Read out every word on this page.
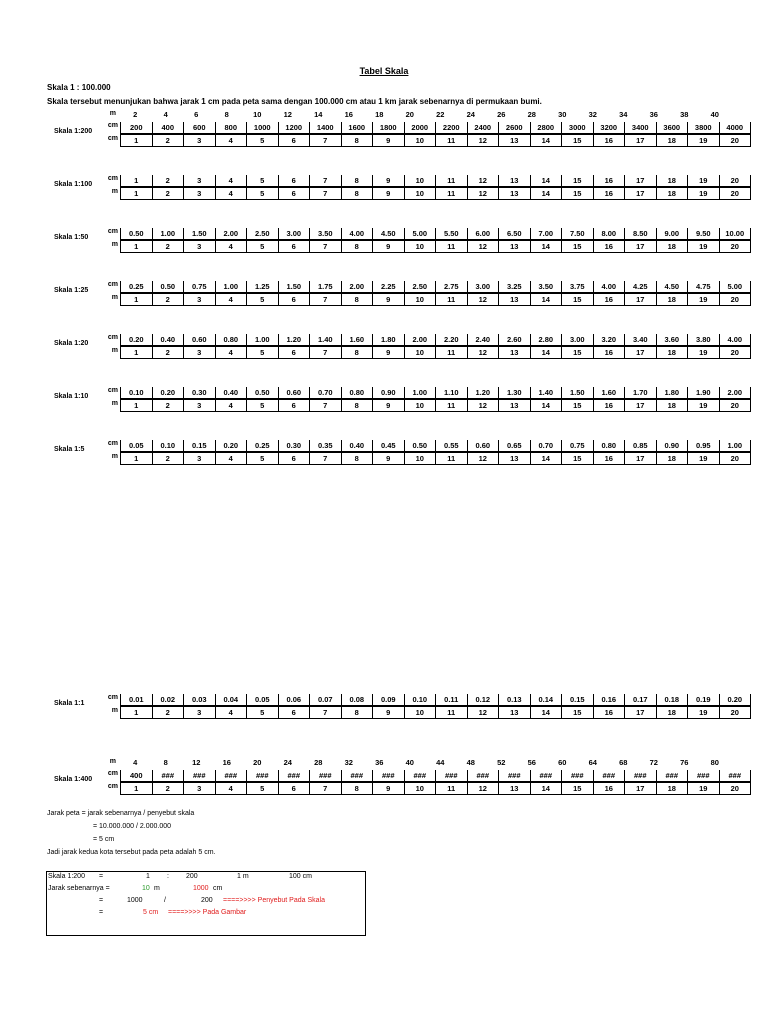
Tabel Skala
Skala 1 : 100.000
Skala tersebut menunjukan bahwa jarak 1 cm pada peta sama dengan 100.000 cm atau 1 km jarak sebenarnya di permukaan bumi.
m 2	4	6	8	10	12	14	16	18	20	22	24	26	28	30	32	34	36	38	40
Skala 1:200
cm
cm
200	400	600	800	1000	1200	1400	1600	1800	2000	2200	2400	2600	2800	3000	3200	3400	3600	3800	4000
1	2	3	4	5	6	7	8	9	10	11	12	13	14	15	16	17	18	19	20
Skala 1:100
cm
m
1	2	3	4	5	6	7	8	9	10	11	12	13	14	15	16	17	18	19	20
1	2	3	4	5	6	7	8	9	10	11	12	13	14	15	16	17	18	19	20
Skala 1:50
cm
m
0.50	1.00	1.50	2.00	2.50	3.00	3.50	4.00	4.50	5.00	5.50	6.00	6.50	7.00	7.50	8.00	8.50	9.00	9.50	10.00
1	2	3	4	5	6	7	8	9	10	11	12	13	14	15	16	17	18	19	20
Skala 1:25
cm
m
0.25	0.50	0.75	1.00	1.25	1.50	1.75	2.00	2.25	2.50	2.75	3.00	3.25	3.50	3.75	4.00	4.25	4.50	4.75	5.00
1	2	3	4	5	6	7	8	9	10	11	12	13	14	15	16	17	18	19	20
Skala 1:20
cm
m
0.20	0.40	0.60	0.80	1.00	1.20	1.40	1.60	1.80	2.00	2.20	2.40	2.60	2.80	3.00	3.20	3.40	3.60	3.80	4.00
1	2	3	4	5	6	7	8	9	10	11	12	13	14	15	16	17	18	19	20
Skala 1:10
cm
m
0.10	0.20	0.30	0.40	0.50	0.60	0.70	0.80	0.90	1.00	1.10	1.20	1.30	1.40	1.50	1.60	1.70	1.80	1.90	2.00
1	2	3	4	5	6	7	8	9	10	11	12	13	14	15	16	17	18	19	20
Skala 1:5
cm
m
0.05	0.10	0.15	0.20	0.25	0.30	0.35	0.40	0.45	0.50	0.55	0.60	0.65	0.70	0.75	0.80	0.85	0.90	0.95	1.00
1	2	3	4	5	6	7	8	9	10	11	12	13	14	15	16	17	18	19	20
Skala 1:1
cm
m
0.01	0.02	0.03	0.04	0.05	0.06	0.07	0.08	0.09	0.10	0.11	0.12	0.13	0.14	0.15	0.16	0.17	0.18	0.19	0.20
1	2	3	4	5	6	7	8	9	10	11	12	13	14	15	16	17	18	19	20
Skala 1:400
cm
cm
400	###	###	###	###	###	###	###	###	###	###	###	###	###	###	###	###	###	###	###
1	2	3	4	5	6	7	8	9	10	11	12	13	14	15	16	17	18	19	20
m 4	8	12	16	20	24	28	32	36	40	44	48	52	56	60	64	68	72	76	80
Jarak peta = jarak sebenarnya / penyebut skala
= 10.000.000 / 2.000.000
= 5 cm
Jadi jarak kedua kota tersebut pada peta adalah 5 cm.
Skala 1:200 =	1 : 200	1 m	100 cm
Jarak sebenarnya =	10 m	1000 cm
=	1000	/	200 ====>>>> Penyebut Pada Skala
=	5 cm ====>>>> Pada Gambar
